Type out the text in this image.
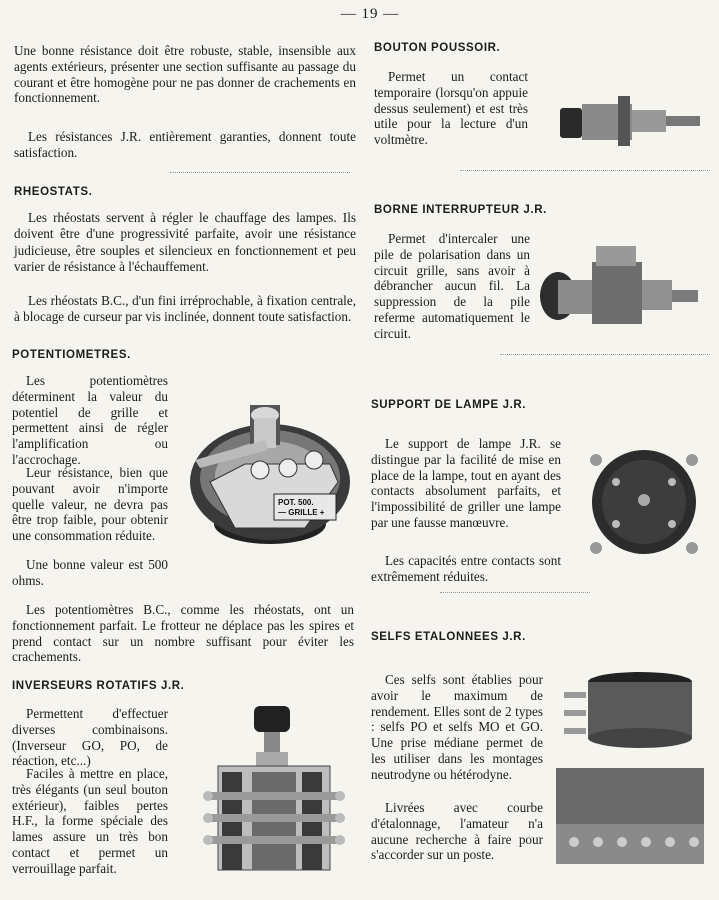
— 19 —

Une bonne résistance doit être robuste, stable, insensible aux agents extérieurs, présenter une section suffisante au passage du courant et être homogène pour ne pas donner de crachements en fonctionnement.

Les résistances J.R. entièrement garanties, donnent toute satisfaction.

RHEOSTATS.

Les rhéostats servent à régler le chauffage des lampes. Ils doivent être d'une progressivité parfaite, avoir une résistance judicieuse, être souples et silencieux en fonctionnement et peu varier de résistance à l'échauffement.

Les rhéostats B.C., d'un fini irréprochable, à fixation centrale, à blocage de curseur par vis inclinée, donnent toute satisfaction.

POTENTIOMETRES.

Les potentiomètres déterminent la valeur du potentiel de grille et permettent ainsi de régler l'amplification ou l'accrochage.

Leur résistance, bien que pouvant avoir n'importe quelle valeur, ne devra pas être trop faible, pour obtenir une consommation réduite.

Une bonne valeur est 500 ohms.

POT. 500.
— GRILLE +

Les potentiomètres B.C., comme les rhéostats, ont un fonctionnement parfait. Le frotteur ne déplace pas les spires et prend contact sur un nombre suffisant pour éviter les crachements.

INVERSEURS ROTATIFS J.R.

Permettent d'effectuer diverses combinaisons. (Inverseur GO, PO, de réaction, etc...)

Faciles à mettre en place, très élégants (un seul bouton extérieur), faibles pertes H.F., la forme spéciale des lames assure un très bon contact et permet un verrouillage parfait.

BOUTON POUSSOIR.

Permet un contact temporaire (lorsqu'on appuie dessus seulement) et est très utile pour la lecture d'un voltmètre.

BORNE INTERRUPTEUR J.R.

Permet d'intercaler une pile de polarisation dans un circuit grille, sans avoir à débrancher aucun fil. La suppression de la pile referme automatiquement le circuit.

SUPPORT DE LAMPE J.R.

Le support de lampe J.R. se distingue par la facilité de mise en place de la lampe, tout en ayant des contacts absolument parfaits, et l'impossibilité de griller une lampe par une fausse manœuvre.

Les capacités entre contacts sont extrêmement réduites.

SELFS ETALONNEES J.R.

Ces selfs sont établies pour avoir le maximum de rendement. Elles sont de 2 types : selfs PO et selfs MO et GO. Une prise médiane permet de les utiliser dans les montages neutrodyne ou hétérodyne.

Livrées avec courbe d'étalonnage, l'amateur n'a aucune recherche à faire pour s'accorder sur un poste.
